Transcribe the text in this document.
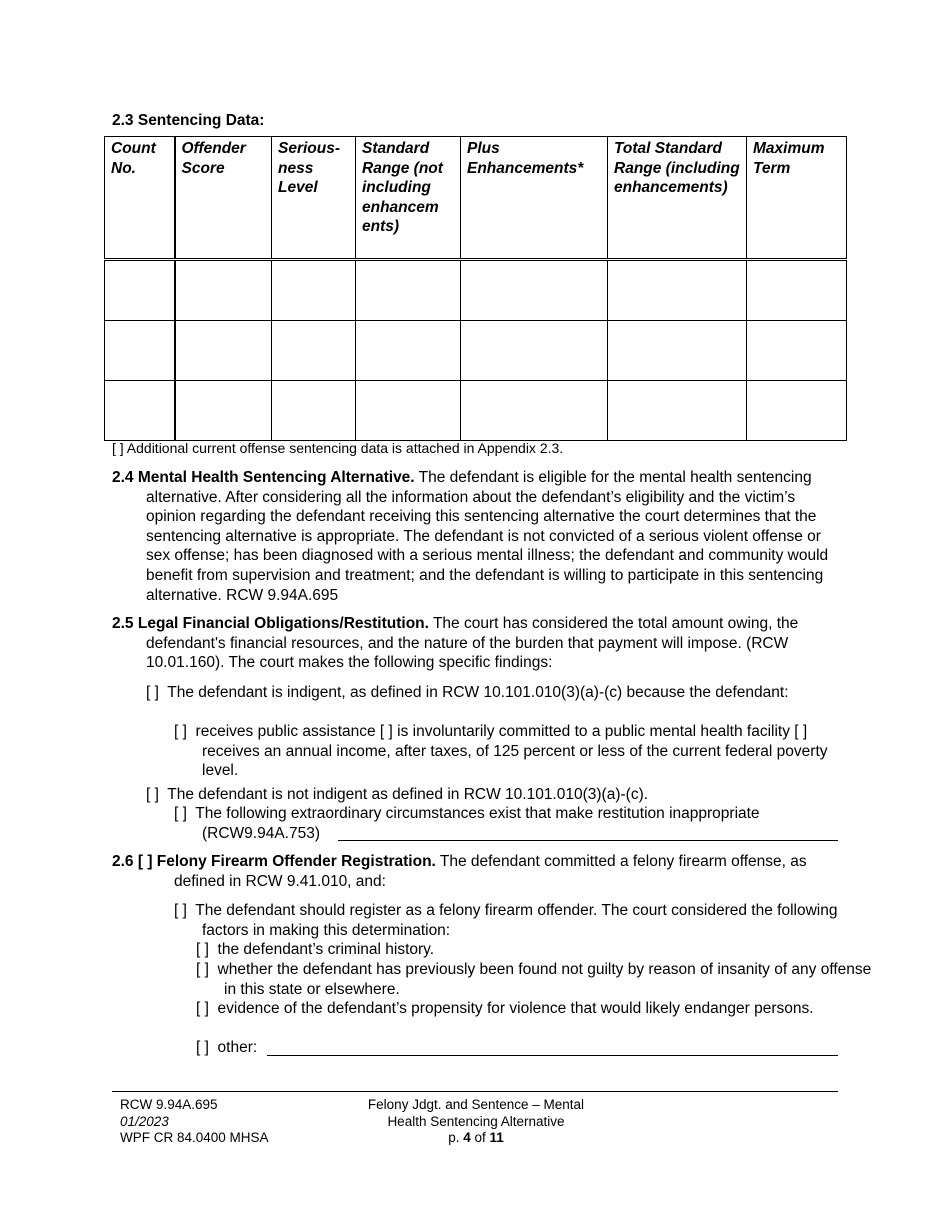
2.3 Sentencing Data:
Count No.	Offender Score	Serious-ness Level	Standard Range (not including enhancem ents)	Plus Enhancements*	Total Standard Range (including enhancements)	Maximum Term

[ ] Additional current offense sentencing data is attached in Appendix 2.3.
2.4 Mental Health Sentencing Alternative. The defendant is eligible for the mental health sentencing alternative. After considering all the information about the defendant’s eligibility and the victim’s opinion regarding the defendant receiving this sentencing alternative the court determines that the sentencing alternative is appropriate. The defendant is not convicted of a serious violent offense or sex offense; has been diagnosed with a serious mental illness; the defendant and community would benefit from supervision and treatment; and the defendant is willing to participate in this sentencing alternative. RCW 9.94A.695
2.5 Legal Financial Obligations/Restitution. The court has considered the total amount owing, the defendant's financial resources, and the nature of the burden that payment will impose. (RCW 10.01.160). The court makes the following specific findings:
[ ] The defendant is indigent, as defined in RCW 10.101.010(3)(a)-(c) because the defendant:
[ ] receives public assistance [ ] is involuntarily committed to a public mental health facility [ ] receives an annual income, after taxes, of 125 percent or less of the current federal poverty level.
[ ] The defendant is not indigent as defined in RCW 10.101.010(3)(a)-(c).
[ ] The following extraordinary circumstances exist that make restitution inappropriate (RCW9.94A.753)
2.6 [ ] Felony Firearm Offender Registration. The defendant committed a felony firearm offense, as defined in RCW 9.41.010, and:
[ ] The defendant should register as a felony firearm offender. The court considered the following factors in making this determination:
[ ] the defendant’s criminal history.
[ ] whether the defendant has previously been found not guilty by reason of insanity of any offense in this state or elsewhere.
[ ] evidence of the defendant’s propensity for violence that would likely endanger persons.
[ ] other:
RCW 9.94A.695
01/2023
WPF CR 84.0400 MHSA
Felony Jdgt. and Sentence – Mental
Health Sentencing Alternative
p. 4 of 11
